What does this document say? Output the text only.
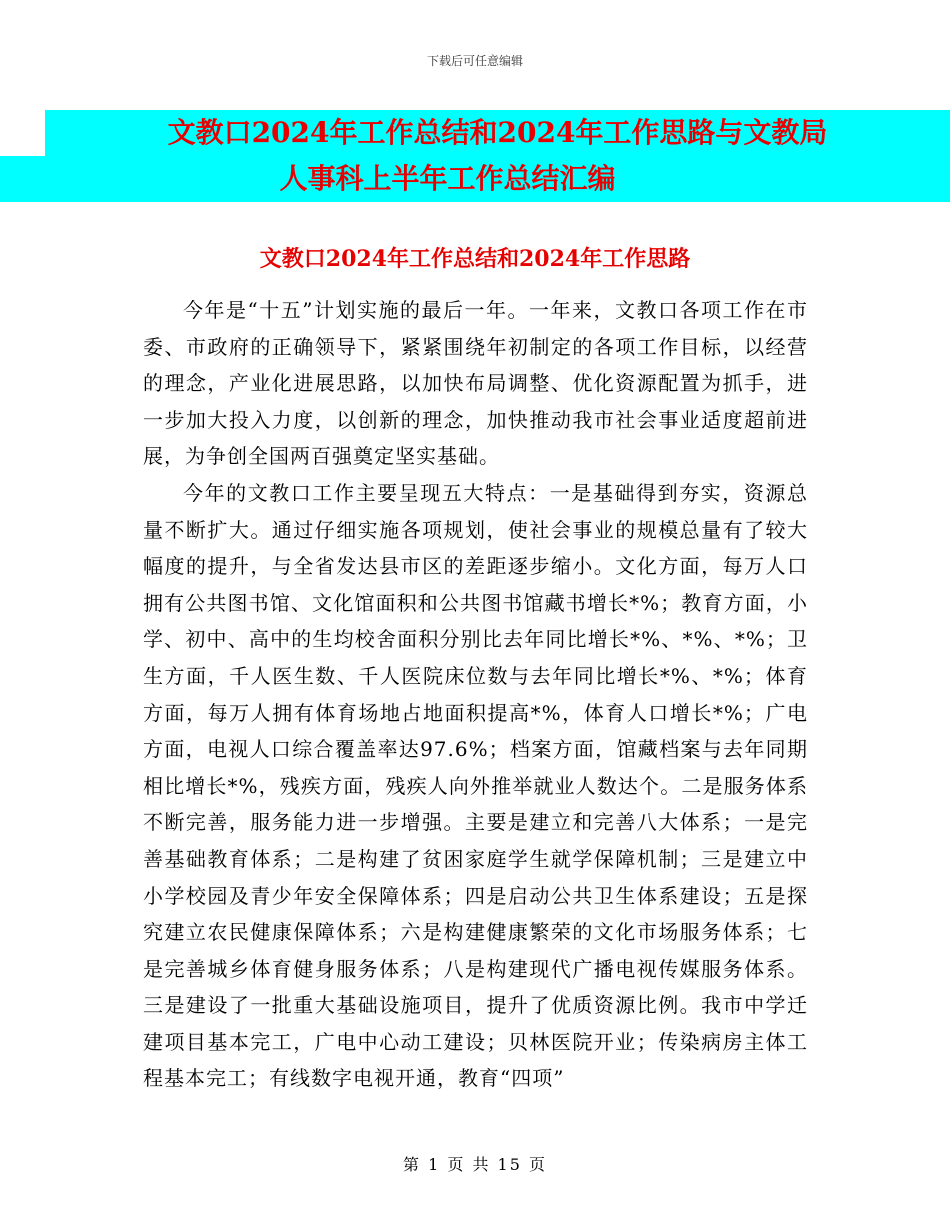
下载后可任意编辑
文教口2024年工作总结和2024年工作思路与文教局
人事科上半年工作总结汇编
文教口2024年工作总结和2024年工作思路

今年是“十五”计划实施的最后一年。一年来，文教口各项工作在市委、市政府的正确领导下，紧紧围绕年初制定的各项工作目标，以经营的理念，产业化进展思路，以加快布局调整、优化资源配置为抓手，进一步加大投入力度，以创新的理念，加快推动我市社会事业适度超前进展，为争创全国两百强奠定坚实基础。

今年的文教口工作主要呈现五大特点：一是基础得到夯实，资源总量不断扩大。通过仔细实施各项规划，使社会事业的规模总量有了较大幅度的提升，与全省发达县市区的差距逐步缩小。文化方面，每万人口拥有公共图书馆、文化馆面积和公共图书馆藏书增长*%；教育方面，小学、初中、高中的生均校舍面积分别比去年同比增长*%、*%、*%；卫生方面，千人医生数、千人医院床位数与去年同比增长*%、*%；体育方面，每万人拥有体育场地占地面积提高*%，体育人口增长*%；广电方面，电视人口综合覆盖率达97.6%；档案方面，馆藏档案与去年同期相比增长*%，残疾方面，残疾人向外推举就业人数达个。二是服务体系不断完善，服务能力进一步增强。主要是建立和完善八大体系；一是完善基础教育体系；二是构建了贫困家庭学生就学保障机制；三是建立中小学校园及青少年安全保障体系；四是启动公共卫生体系建设；五是探究建立农民健康保障体系；六是构建健康繁荣的文化市场服务体系；七是完善城乡体育健身服务体系；八是构建现代广播电视传媒服务体系。三是建设了一批重大基础设施项目，提升了优质资源比例。我市中学迁建项目基本完工，广电中心动工建设；贝林医院开业；传染病房主体工程基本完工；有线数字电视开通，教育“四项”

第 1 页 共 15 页
